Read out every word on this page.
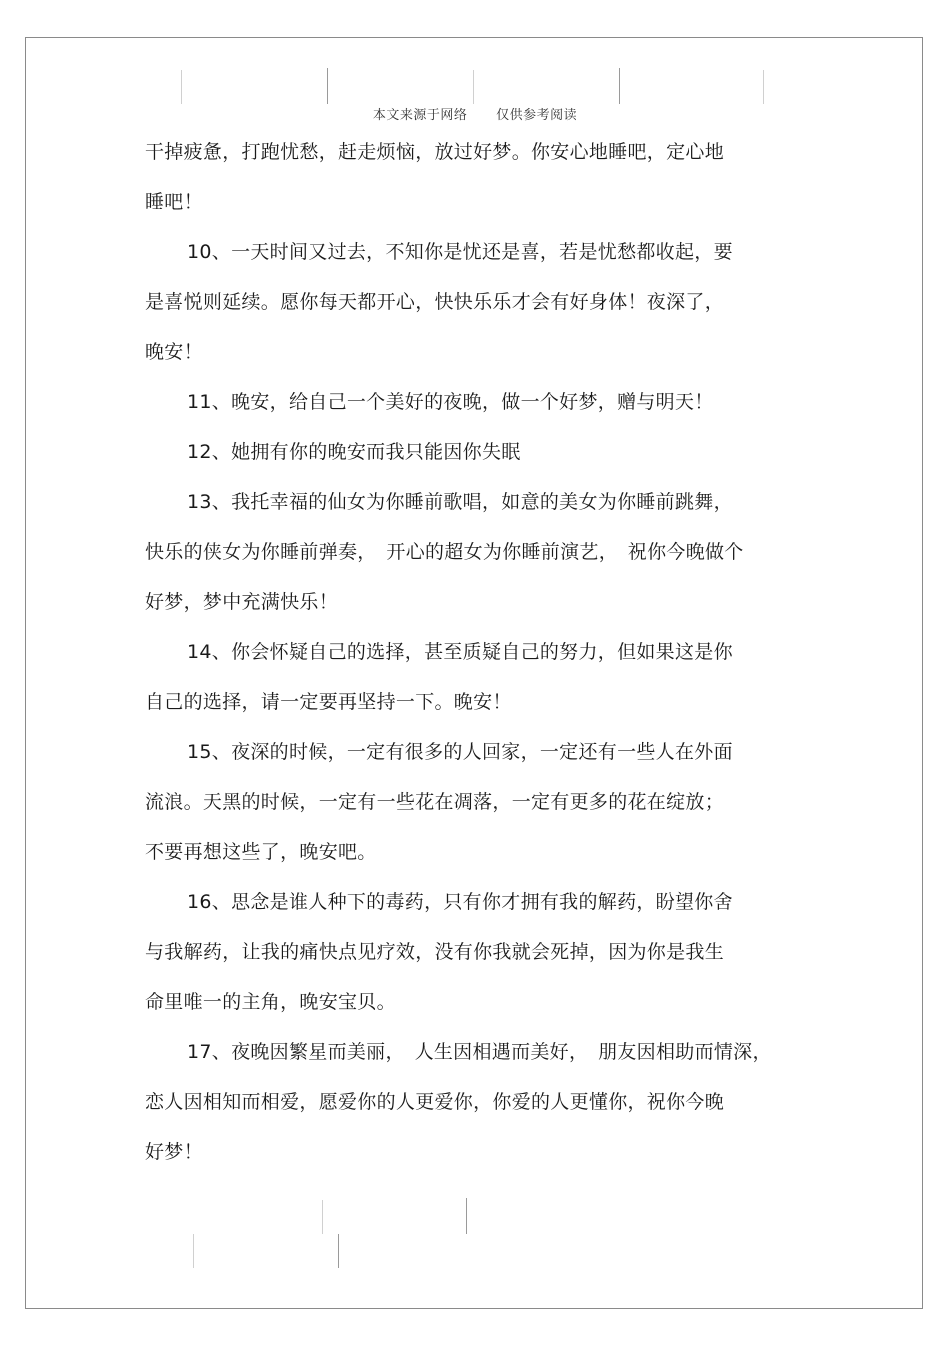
本文来源于网络 仅供参考阅读

干掉疲惫，打跑忧愁，赶走烦恼，放过好梦。你安心地睡吧，定心地

睡吧！

10、一天时间又过去，不知你是忧还是喜，若是忧愁都收起，要

是喜悦则延续。愿你每天都开心，快快乐乐才会有好身体！夜深了，

晚安！

11、晚安，给自己一个美好的夜晚，做一个好梦，赠与明天！

12、她拥有你的晚安而我只能因你失眠

13、我托幸福的仙女为你睡前歌唱，如意的美女为你睡前跳舞，

快乐的侠女为你睡前弹奏，　开心的超女为你睡前演艺，　祝你今晚做个

好梦，梦中充满快乐！

14、你会怀疑自己的选择，甚至质疑自己的努力，但如果这是你

自己的选择，请一定要再坚持一下。晚安！

15、夜深的时候，一定有很多的人回家，一定还有一些人在外面

流浪。天黑的时候，一定有一些花在凋落，一定有更多的花在绽放；

不要再想这些了，晚安吧。

16、思念是谁人种下的毒药，只有你才拥有我的解药，盼望你舍

与我解药，让我的痛快点见疗效，没有你我就会死掉，因为你是我生

命里唯一的主角，晚安宝贝。

17、夜晚因繁星而美丽，　人生因相遇而美好，　朋友因相助而情深，

恋人因相知而相爱，愿爱你的人更爱你，你爱的人更懂你，祝你今晚

好梦！
